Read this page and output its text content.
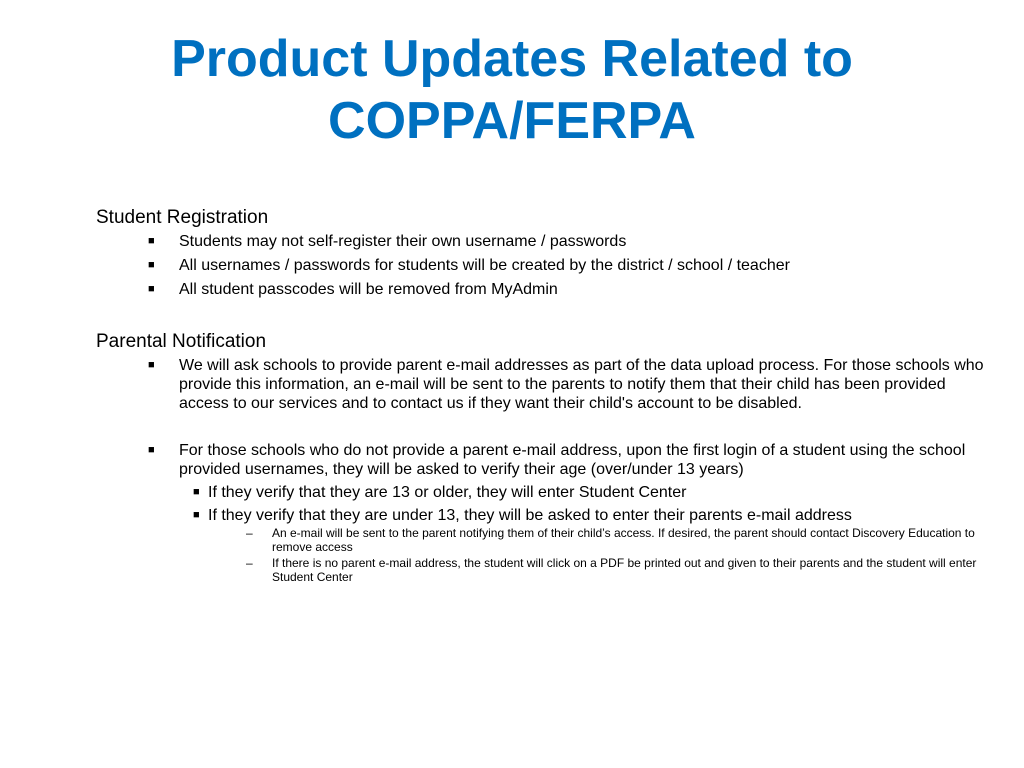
Product Updates Related to
COPPA/FERPA
Student Registration
■ Students may not self-register their own username / passwords
■ All usernames / passwords for students will be created by the district / school / teacher
■ All student passcodes will be removed from MyAdmin
Parental Notification
■ We will ask schools to provide parent e-mail addresses as part of the data upload process. For those schools who provide this information, an e-mail will be sent to the parents to notify them that their child has been provided access to our services and to contact us if they want their child's account to be disabled.
■ For those schools who do not provide a parent e-mail address, upon the first login of a student using the school provided usernames, they will be asked to verify their age (over/under 13 years)
■ If they verify that they are 13 or older, they will enter Student Center
■ If they verify that they are under 13, they will be asked to enter their parents e-mail address
– An e-mail will be sent to the parent notifying them of their child’s access. If desired, the parent should contact Discovery Education to remove access
– If there is no parent e-mail address, the student will click on a PDF be printed out and given to their parents and the student will enter Student Center
